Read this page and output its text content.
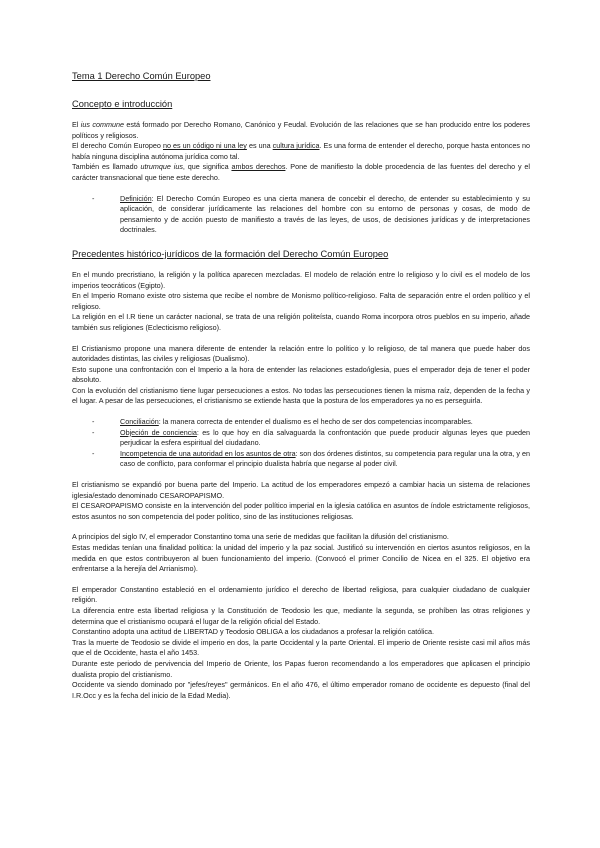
Tema 1 Derecho Común Europeo
Concepto e introducción

El ius commune está formado por Derecho Romano, Canónico y Feudal. Evolución de las relaciones que se han producido entre los poderes políticos y religiosos.

El derecho Común Europeo no es un código ni una ley es una cultura jurídica. Es una forma de entender el derecho, porque hasta entonces no había ninguna disciplina autónoma jurídica como tal.

También es llamado utrumque ius, que significa ambos derechos. Pone de manifiesto la doble procedencia de las fuentes del derecho y el carácter transnacional que tiene este derecho.

- Definición: El Derecho Común Europeo es una cierta manera de concebir el derecho, de entender su establecimiento y su aplicación, de considerar jurídicamente las relaciones del hombre con su entorno de personas y cosas, de modo de pensamiento y de acción puesto de manifiesto a través de las leyes, de usos, de decisiones jurídicas y de interpretaciones doctrinales.
Precedentes histórico-jurídicos de la formación del Derecho Común Europeo

En el mundo precristiano, la religión y la política aparecen mezcladas. El modelo de relación entre lo religioso y lo civil es el modelo de los imperios teocráticos (Egipto).

En el Imperio Romano existe otro sistema que recibe el nombre de Monismo político-religioso. Falta de separación entre el orden político y el religioso.

La religión en el I.R tiene un carácter nacional, se trata de una religión politeísta, cuando Roma incorpora otros pueblos en su imperio, añade también sus religiones (Eclecticismo religioso).

El Cristianismo propone una manera diferente de entender la relación entre lo político y lo religioso, de tal manera que puede haber dos autoridades distintas, las civiles y religiosas (Dualismo).

Esto supone una confrontación con el Imperio a la hora de entender las relaciones estado/iglesia, pues el emperador deja de tener el poder absoluto.

Con la evolución del cristianismo tiene lugar persecuciones a estos. No todas las persecuciones tienen la misma raíz, dependen de la fecha y el lugar. A pesar de las persecuciones, el cristianismo se extiende hasta que la postura de los emperadores ya no es perseguirla.

- Conciliación: la manera correcta de entender el dualismo es el hecho de ser dos competencias incomparables.
- Objeción de conciencia: es lo que hoy en día salvaguarda la confrontación que puede producir algunas leyes que pueden perjudicar la esfera espiritual del ciudadano.
- Incompetencia de una autoridad en los asuntos de otra: son dos órdenes distintos, su competencia para regular una la otra, y en caso de conflicto, para conformar el principio dualista habría que negarse al poder civil.

El cristianismo se expandió por buena parte del Imperio. La actitud de los emperadores empezó a cambiar hacia un sistema de relaciones iglesia/estado denominado CESAROPAPISMO.

El CESAROPAPISMO consiste en la intervención del poder político imperial en la iglesia católica en asuntos de índole estrictamente religiosos, estos asuntos no son competencia del poder político, sino de las instituciones religiosas.

A principios del siglo IV, el emperador Constantino toma una serie de medidas que facilitan la difusión del cristianismo.

Estas medidas tenían una finalidad política: la unidad del imperio y la paz social. Justificó su intervención en ciertos asuntos religiosos, en la medida en que estos contribuyeron al buen funcionamiento del imperio. (Convocó el primer Concilio de Nicea en el 325. El objetivo era enfrentarse a la herejía del Arrianismo).

El emperador Constantino estableció en el ordenamiento jurídico el derecho de libertad religiosa, para cualquier ciudadano de cualquier religión.

La diferencia entre esta libertad religiosa y la Constitución de Teodosio les que, mediante la segunda, se prohíben las otras religiones y determina que el cristianismo ocupará el lugar de la religión oficial del Estado.

Constantino adopta una actitud de LIBERTAD y Teodosio OBLIGA a los ciudadanos a profesar la religión católica.

Tras la muerte de Teodosio se divide el imperio en dos, la parte Occidental y la parte Oriental. El imperio de Oriente resiste casi mil años más que el de Occidente, hasta el año 1453.

Durante este periodo de pervivencia del Imperio de Oriente, los Papas fueron recomendando a los emperadores que aplicasen el principio dualista propio del cristianismo.

Occidente va siendo dominado por "jefes/reyes" germánicos. En el año 476, el último emperador romano de occidente es depuesto (final del I.R.Occ y es la fecha del inicio de la Edad Media).
